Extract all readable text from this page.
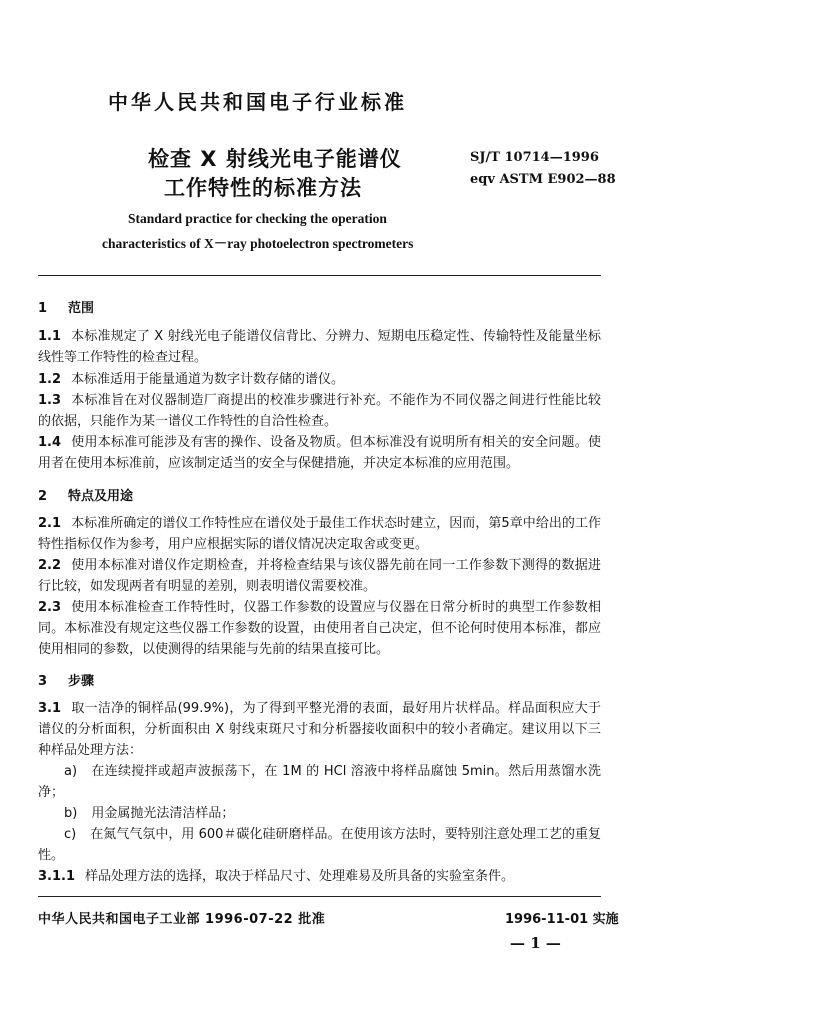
中华人民共和国电子行业标准
检查 X 射线光电子能谱仪
工作特性的标准方法
SJ/T 10714—1996
eqv ASTM E902—88
Standard practice for checking the operation
characteristics of X－ray photoelectron spectrometers
1 范围

1.1 本标准规定了 X 射线光电子能谱仪信背比、分辨力、短期电压稳定性、传输特性及能量坐标线性等工作特性的检查过程。

1.2 本标准适用于能量通道为数字计数存储的谱仪。

1.3 本标准旨在对仪器制造厂商提出的校准步骤进行补充。不能作为不同仪器之间进行性能比较的依据，只能作为某一谱仪工作特性的自洽性检查。

1.4 使用本标准可能涉及有害的操作、设备及物质。但本标准没有说明所有相关的安全问题。使用者在使用本标准前，应该制定适当的安全与保健措施，并决定本标准的应用范围。

2 特点及用途

2.1 本标准所确定的谱仪工作特性应在谱仪处于最佳工作状态时建立，因而，第5章中给出的工作特性指标仅作为参考，用户应根据实际的谱仪情况决定取舍或变更。

2.2 使用本标准对谱仪作定期检查，并将检查结果与该仪器先前在同一工作参数下测得的数据进行比较，如发现两者有明显的差别，则表明谱仪需要校准。

2.3 使用本标准检查工作特性时，仪器工作参数的设置应与仪器在日常分析时的典型工作参数相同。本标准没有规定这些仪器工作参数的设置，由使用者自己决定，但不论何时使用本标准，都应使用相同的参数，以使测得的结果能与先前的结果直接可比。

3 步骤

3.1 取一洁净的铜样品(99.9%)，为了得到平整光滑的表面，最好用片状样品。样品面积应大于谱仪的分析面积，分析面积由 X 射线束斑尺寸和分析器接收面积中的较小者确定。建议用以下三种样品处理方法：

a) 在连续搅拌或超声波振荡下，在 1M 的 HCl 溶液中将样品腐蚀 5min。然后用蒸馏水洗净；

b) 用金属抛光法清洁样品；

c) 在氮气气氛中，用 600＃碳化硅研磨样品。在使用该方法时，要特别注意处理工艺的重复性。

3.1.1 样品处理方法的选择，取决于样品尺寸、处理难易及所具备的实验室条件。

中华人民共和国电子工业部 1996-07-22 批准	1996-11-01 实施
— 1 —
